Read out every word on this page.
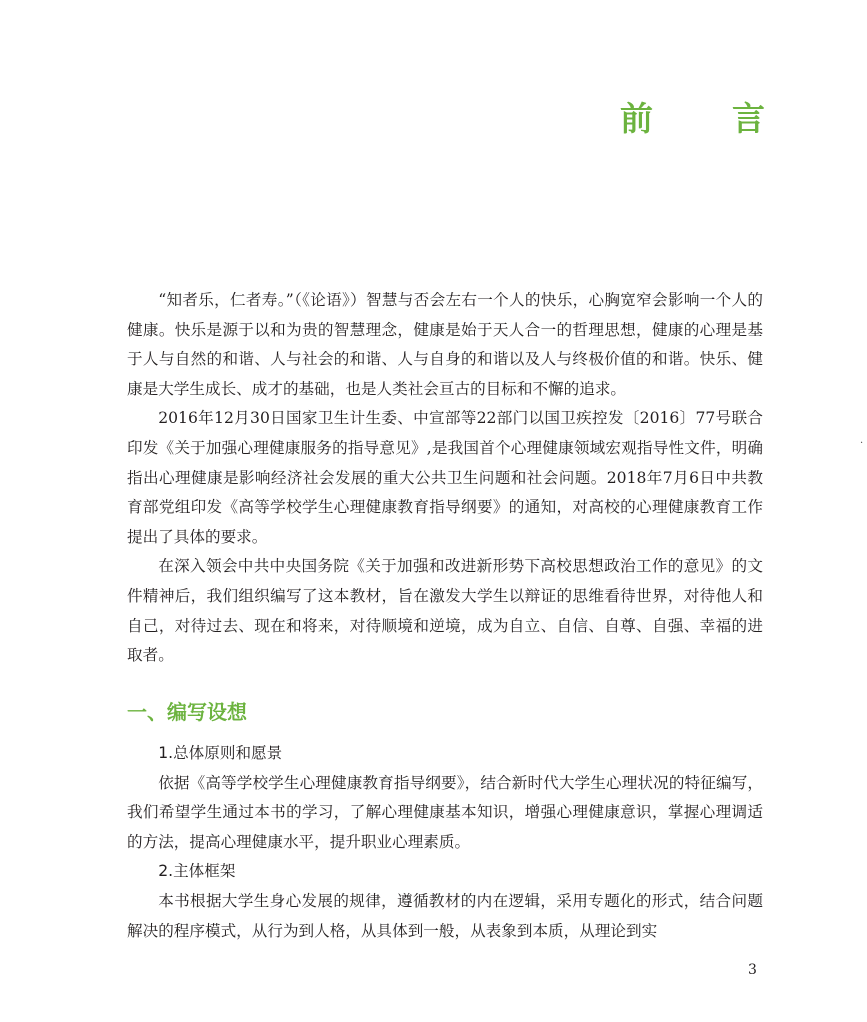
前 言

“知者乐，仁者寿。”（《论语》）智慧与否会左右一个人的快乐，心胸宽窄会影响一个人的健康。快乐是源于以和为贵的智慧理念，健康是始于天人合一的哲理思想，健康的心理是基于人与自然的和谐、人与社会的和谐、人与自身的和谐以及人与终极价值的和谐。快乐、健康是大学生成长、成才的基础，也是人类社会亘古的目标和不懈的追求。

2016年12月30日国家卫生计生委、中宣部等22部门以国卫疾控发〔2016〕77号联合印发《关于加强心理健康服务的指导意见》,是我国首个心理健康领域宏观指导性文件，明确指出心理健康是影响经济社会发展的重大公共卫生问题和社会问题。2018年7月6日中共教育部党组印发《高等学校学生心理健康教育指导纲要》的通知，对高校的心理健康教育工作提出了具体的要求。

在深入领会中共中央国务院《关于加强和改进新形势下高校思想政治工作的意见》的文件精神后，我们组织编写了这本教材，旨在激发大学生以辩证的思维看待世界，对待他人和自己，对待过去、现在和将来，对待顺境和逆境，成为自立、自信、自尊、自强、幸福的进取者。

一、编写设想

1.总体原则和愿景

依据《高等学校学生心理健康教育指导纲要》，结合新时代大学生心理状况的特征编写，我们希望学生通过本书的学习，了解心理健康基本知识，增强心理健康意识，掌握心理调适的方法，提高心理健康水平，提升职业心理素质。

2.主体框架

本书根据大学生身心发展的规律，遵循教材的内在逻辑，采用专题化的形式，结合问题解决的程序模式，从行为到人格，从具体到一般，从表象到本质，从理论到实

·
3
